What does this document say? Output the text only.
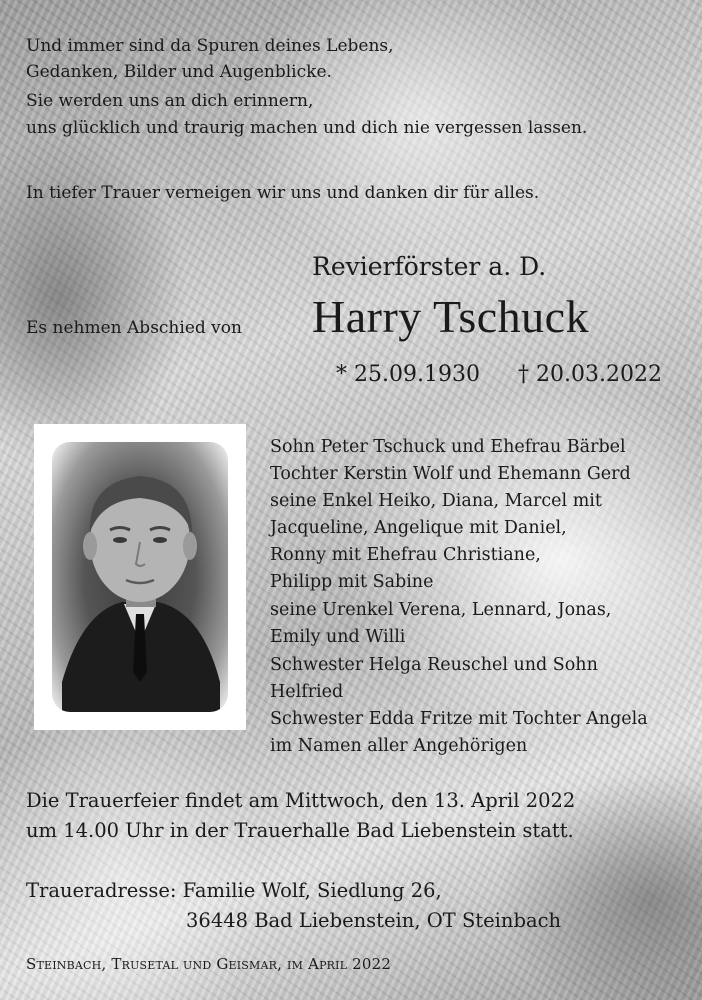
Und immer sind da Spuren deines Lebens,
Gedanken, Bilder und Augenblicke.
Sie werden uns an dich erinnern,
uns glücklich und traurig machen und dich nie vergessen lassen.
In tiefer Trauer verneigen wir uns und danken dir für alles.
Revierförster a. D.
Es nehmen Abschied von Harry Tschuck
* 25.09.1930 † 20.03.2022
Sohn Peter Tschuck und Ehefrau Bärbel
Tochter Kerstin Wolf und Ehemann Gerd
seine Enkel Heiko, Diana, Marcel mit
Jacqueline, Angelique mit Daniel,
Ronny mit Ehefrau Christiane,
Philipp mit Sabine
seine Urenkel Verena, Lennard, Jonas,
Emily und Willi
Schwester Helga Reuschel und Sohn
Helfried
Schwester Edda Fritze mit Tochter Angela
im Namen aller Angehörigen
Die Trauerfeier findet am Mittwoch, den 13. April 2022
um 14.00 Uhr in der Trauerhalle Bad Liebenstein statt.
Traueradresse: Familie Wolf, Siedlung 26,
36448 Bad Liebenstein, OT Steinbach
Steinbach, Trusetal und Geismar, im April 2022
